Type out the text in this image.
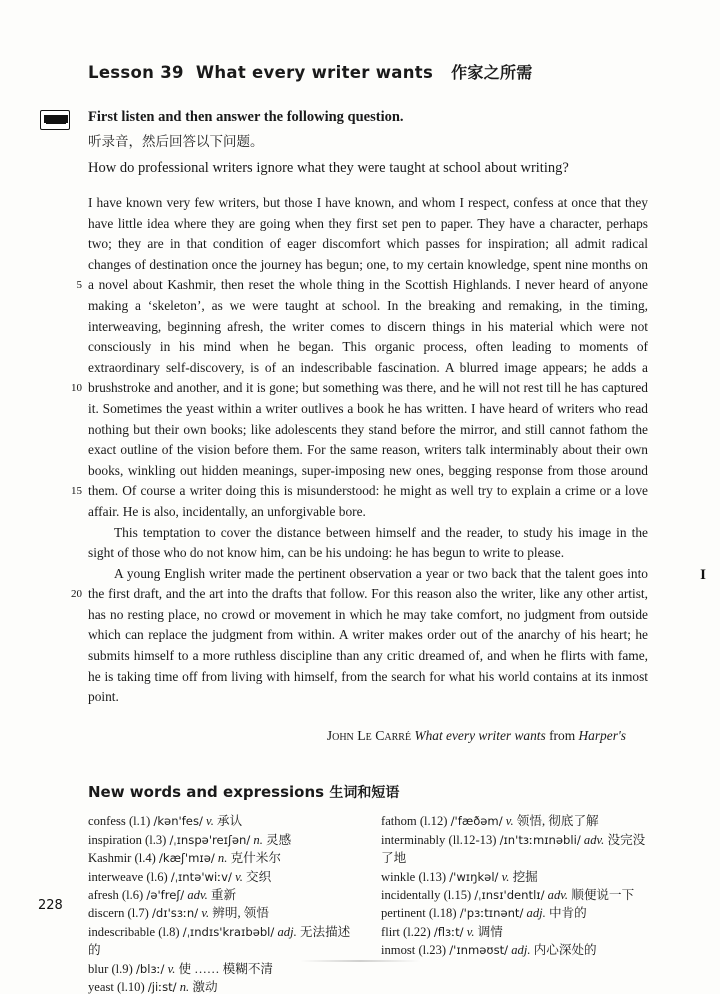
Lesson 39 What every writer wants 作家之所需

First listen and then answer the following question.

听录音，然后回答以下问题。

How do professional writers ignore what they were taught at school about writing?

5
10
15
20

I have known very few writers, but those I have known, and whom I respect, confess at once that they have little idea where they are going when they first set pen to paper. They have a character, perhaps two; they are in that condition of eager discomfort which passes for inspiration; all admit radical changes of destination once the journey has begun; one, to my certain knowledge, spent nine months on a novel about Kashmir, then reset the whole thing in the Scottish Highlands. I never heard of anyone making a ‘skeleton’, as we were taught at school. In the breaking and remaking, in the timing, interweaving, beginning afresh, the writer comes to discern things in his material which were not consciously in his mind when he began. This organic process, often leading to moments of extraordinary self-discovery, is of an indescribable fascination. A blurred image appears; he adds a brushstroke and another, and it is gone; but something was there, and he will not rest till he has captured it. Sometimes the yeast within a writer outlives a book he has written. I have heard of writers who read nothing but their own books; like adolescents they stand before the mirror, and still cannot fathom the exact outline of the vision before them. For the same reason, writers talk interminably about their own books, winkling out hidden meanings, super-imposing new ones, begging response from those around them. Of course a writer doing this is misunderstood: he might as well try to explain a crime or a love affair. He is also, incidentally, an unforgivable bore.

This temptation to cover the distance between himself and the reader, to study his image in the sight of those who do not know him, can be his undoing: he has begun to write to please.

A young English writer made the pertinent observation a year or two back that the talent goes into the first draft, and the art into the drafts that follow. For this reason also the writer, like any other artist, has no resting place, no crowd or movement in which he may take comfort, no judgment from outside which can replace the judgment from within. A writer makes order out of the anarchy of his heart; he submits himself to a more ruthless discipline than any critic dreamed of, and when he flirts with fame, he is taking time off from living with himself, from the search for what his world contains at its inmost point.

John Le Carré What every writer wants from Harper's
New words and expressions 生词和短语

confess (l.1) /kən'fes/ v. 承认

inspiration (l.3) /ˌɪnspə'reɪʃən/ n. 灵感

Kashmir (l.4) /kæʃ'mɪə/ n. 克什米尔

interweave (l.6) /ˌɪntə'wiːv/ v. 交织

afresh (l.6) /ə'freʃ/ adv. 重新

discern (l.7) /dɪ'sɜːn/ v. 辨明, 领悟

indescribable (l.8) /ˌɪndɪs'kraɪbəbl/ adj. 无法描述的

blur (l.9) /blɜː/ v. 使 …… 模糊不清

yeast (l.10) /jiːst/ n. 激动

fathom (l.12) /'fæðəm/ v. 领悟, 彻底了解

interminably (ll.12-13) /ɪn'tɜːmɪnəbli/ adv. 没完没了地

winkle (l.13) /'wɪŋkəl/ v. 挖掘

incidentally (l.15) /ˌɪnsɪ'dentlɪ/ adv. 顺便说一下

pertinent (l.18) /'pɜːtɪnənt/ adj. 中肯的

flirt (l.22) /flɜːt/ v. 调情

inmost (l.23) /'ɪnməʊst/ adj. 内心深处的

I
228
